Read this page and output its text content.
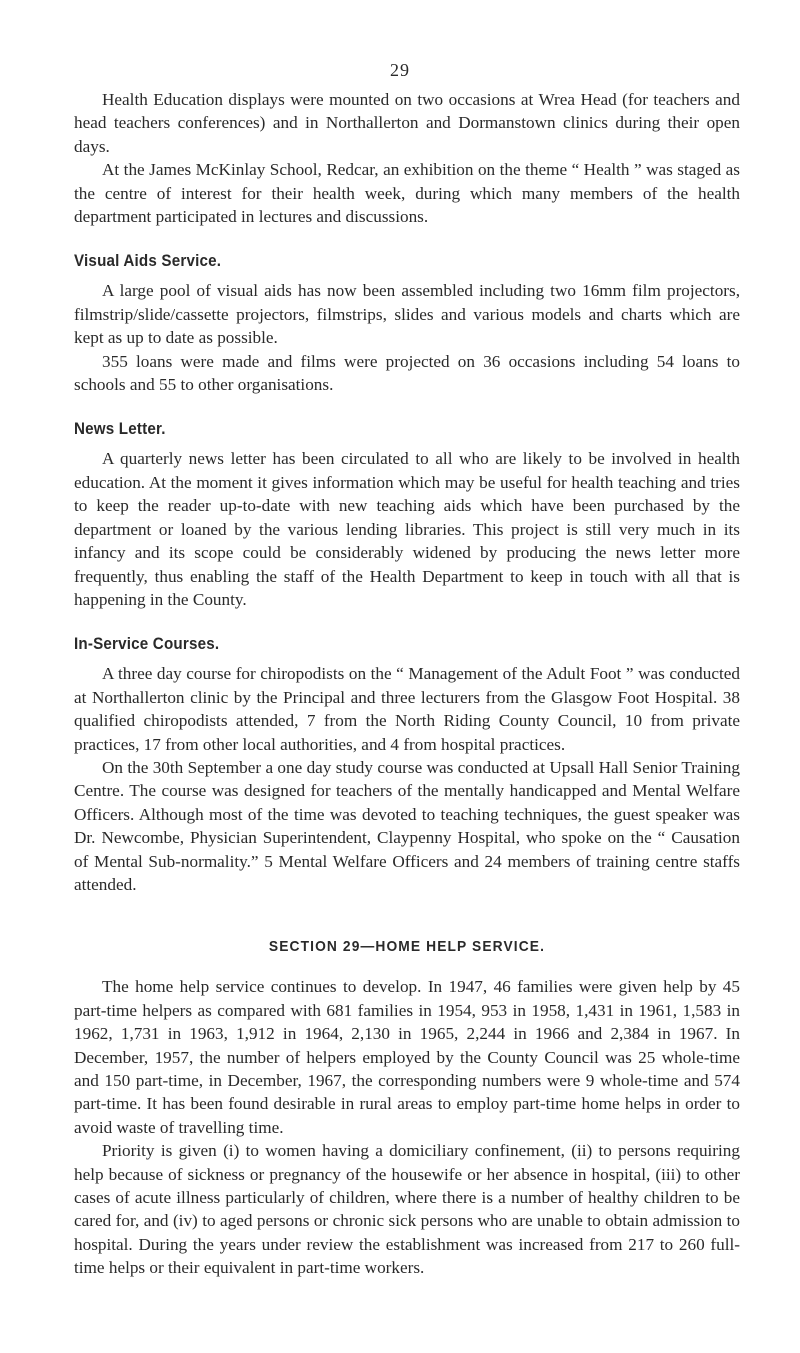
29

Health Education displays were mounted on two occasions at Wrea Head (for teachers and head teachers conferences) and in Northallerton and Dormanstown clinics during their open days.

At the James McKinlay School, Redcar, an exhibition on the theme “ Health ” was staged as the centre of interest for their health week, during which many members of the health department participated in lectures and discussions.

Visual Aids Service.

A large pool of visual aids has now been assembled including two 16mm film projectors, filmstrip/slide/cassette projectors, filmstrips, slides and various models and charts which are kept as up to date as possible.

355 loans were made and films were projected on 36 occasions including 54 loans to schools and 55 to other organisations.

News Letter.

A quarterly news letter has been circulated to all who are likely to be involved in health education. At the moment it gives information which may be useful for health teaching and tries to keep the reader up-to-date with new teaching aids which have been purchased by the department or loaned by the various lending libraries. This project is still very much in its infancy and its scope could be considerably widened by producing the news letter more frequently, thus enabling the staff of the Health Department to keep in touch with all that is happening in the County.

In-Service Courses.

A three day course for chiropodists on the “ Management of the Adult Foot ” was conducted at Northallerton clinic by the Principal and three lecturers from the Glasgow Foot Hospital. 38 qualified chiropodists attended, 7 from the North Riding County Council, 10 from private practices, 17 from other local authorities, and 4 from hospital practices.

On the 30th September a one day study course was conducted at Upsall Hall Senior Training Centre. The course was designed for teachers of the mentally handicapped and Mental Welfare Officers. Although most of the time was devoted to teaching techniques, the guest speaker was Dr. Newcombe, Physician Superintendent, Claypenny Hospital, who spoke on the “ Causation of Mental Sub-normality.” 5 Mental Welfare Officers and 24 members of training centre staffs attended.

SECTION 29—HOME HELP SERVICE.

The home help service continues to develop. In 1947, 46 families were given help by 45 part-time helpers as compared with 681 families in 1954, 953 in 1958, 1,431 in 1961, 1,583 in 1962, 1,731 in 1963, 1,912 in 1964, 2,130 in 1965, 2,244 in 1966 and 2,384 in 1967. In December, 1957, the number of helpers employed by the County Council was 25 whole-time and 150 part-time, in December, 1967, the corresponding numbers were 9 whole-time and 574 part-time. It has been found desirable in rural areas to employ part-time home helps in order to avoid waste of travelling time.

Priority is given (i) to women having a domiciliary confinement, (ii) to persons requiring help because of sickness or pregnancy of the housewife or her absence in hospital, (iii) to other cases of acute illness particularly of children, where there is a number of healthy children to be cared for, and (iv) to aged persons or chronic sick persons who are unable to obtain admission to hospital. During the years under review the establishment was increased from 217 to 260 full-time helps or their equivalent in part-time workers.
